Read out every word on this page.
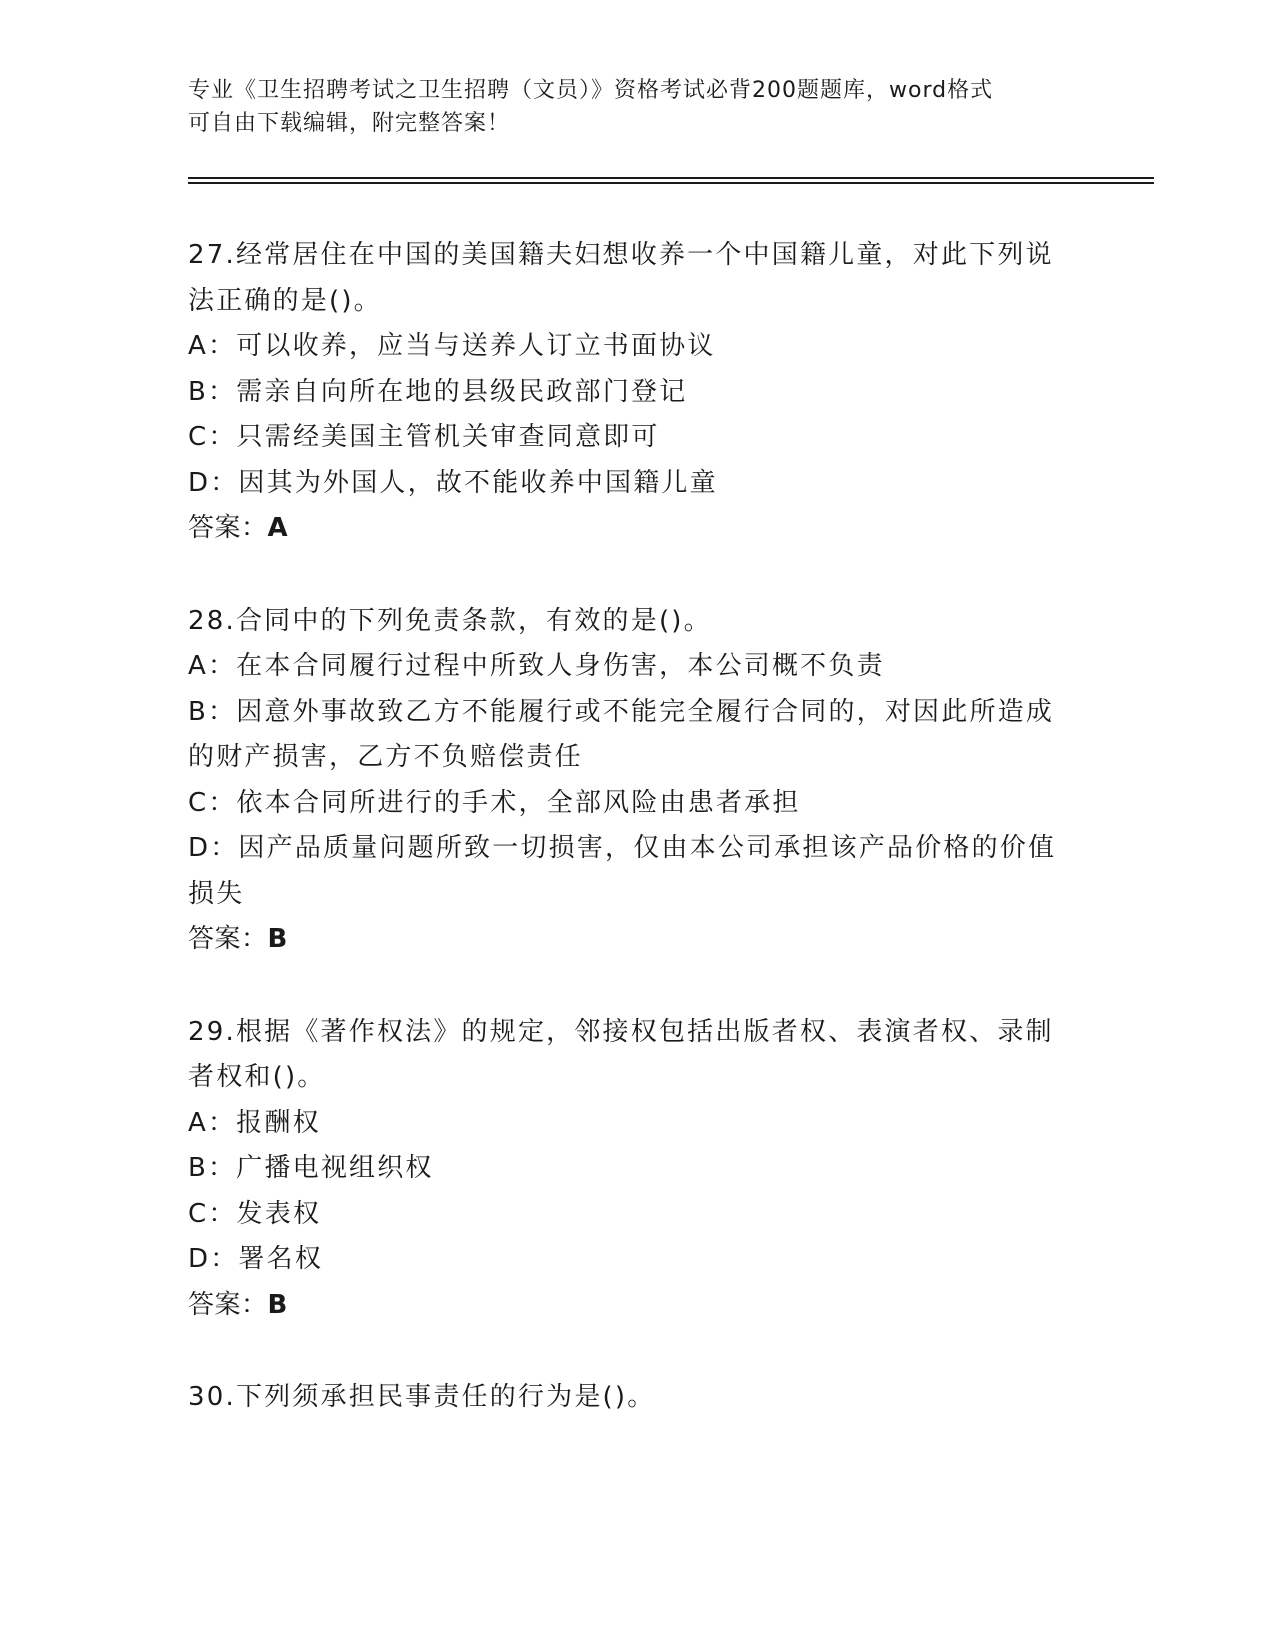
专业《卫生招聘考试之卫生招聘（文员）》资格考试必背200题题库，word格式
可自由下载编辑，附完整答案！
27.经常居住在中国的美国籍夫妇想收养一个中国籍儿童，对此下列说
法正确的是()。
A：可以收养，应当与送养人订立书面协议
B：需亲自向所在地的县级民政部门登记
C：只需经美国主管机关审查同意即可
D：因其为外国人，故不能收养中国籍儿童
答案：A
28.合同中的下列免责条款，有效的是()。
A：在本合同履行过程中所致人身伤害，本公司概不负责
B：因意外事故致乙方不能履行或不能完全履行合同的，对因此所造成
的财产损害，乙方不负赔偿责任
C：依本合同所进行的手术，全部风险由患者承担
D：因产品质量问题所致一切损害，仅由本公司承担该产品价格的价值
损失
答案：B
29.根据《著作权法》的规定，邻接权包括出版者权、表演者权、录制
者权和()。
A：报酬权
B：广播电视组织权
C：发表权
D：署名权
答案：B
30.下列须承担民事责任的行为是()。
